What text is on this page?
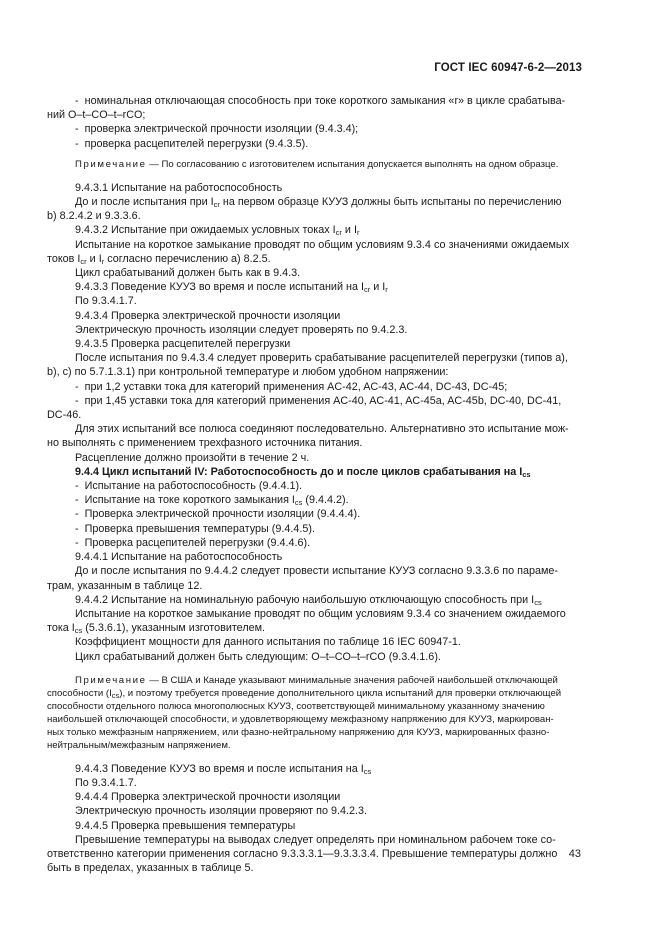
ГОСТ IEC 60947-6-2—2013

-  номинальная отключающая способность при токе короткого замыкания «r» в цикле срабатыва-

ний O–t–CO–t–rCO;

-  проверка электрической прочности изоляции (9.4.3.4);

-  проверка расцепителей перегрузки (9.4.3.5).

Примечание — По согласованию с изготовителем испытания допускается выполнять на одном образце.

9.4.3.1 Испытание на работоспособность

До и после испытания при $I_{cr}$ на первом образце КУУЗ должны быть испытаны по перечислению

b) 8.2.4.2 и 9.3.3.6.

9.4.3.2 Испытание при ожидаемых условных токах $I_{cr}$ и $I_r$

Испытание на короткое замыкание проводят по общим условиям 9.3.4 со значениями ожидаемых

токов $I_{cr}$ и $I_r$ согласно перечислению а) 8.2.5.

Цикл срабатываний должен быть как в 9.4.3.

9.4.3.3 Поведение КУУЗ во время и после испытаний на $I_{cr}$ и $I_r$

По 9.3.4.1.7.

9.4.3.4 Проверка электрической прочности изоляции

Электрическую прочность изоляции следует проверять по 9.4.2.3.

9.4.3.5 Проверка расцепителей перегрузки

После испытания по 9.4.3.4 следует проверить срабатывание расцепителей перегрузки (типов а),

b), с) по 5.7.1.3.1) при контрольной температуре и любом удобном напряжении:

-  при 1,2 уставки тока для категорий применения AC-42, AC-43, AC-44, DC-43, DC-45;

-  при 1,45 уставки тока для категорий применения AC-40, AC-41, AC-45a, AC-45b, DC-40, DC-41,

DC-46.

Для этих испытаний все полюса соединяют последовательно. Альтернативно это испытание мож-

но выполнять с применением трехфазного источника питания.

Расцепление должно произойти в течение 2 ч.

9.4.4 Цикл испытаний IV: Работоспособность до и после циклов срабатывания на $I_{cs}$

-  Испытание на работоспособность (9.4.4.1).

-  Испытание на токе короткого замыкания $I_{cs}$ (9.4.4.2).

-  Проверка электрической прочности изоляции (9.4.4.4).

-  Проверка превышения температуры (9.4.4.5).

-  Проверка расцепителей перегрузки (9.4.4.6).

9.4.4.1 Испытание на работоспособность

До и после испытания по 9.4.4.2 следует провести испытание КУУЗ согласно 9.3.3.6 по параме-

трам, указанным в таблице 12.

9.4.4.2 Испытание на номинальную рабочую наибольшую отключающую способность при $I_{cs}$

Испытание на короткое замыкание проводят по общим условиям 9.3.4 со значением ожидаемого

тока $I_{cs}$ (5.3.6.1), указанным изготовителем.

Коэффициент мощности для данного испытания по таблице 16 IEC 60947-1.

Цикл срабатываний должен быть следующим: O–t–CO–t–rCO (9.3.4.1.6).

Примечание — В США и Канаде указывают минимальные значения рабочей наибольшей отключающей

способности $(I_{cs})$, и поэтому требуется проведение дополнительного цикла испытаний для проверки отключающей

способности отдельного полюса многополюсных КУУЗ, соответствующей минимальному указанному значению

наибольшей отключающей способности, и удовлетворяющему межфазному напряжению для КУУЗ, маркирован-

ных только межфазным напряжением, или фазно-нейтральному напряжению для КУУЗ, маркированных фазно-

нейтральным/межфазным напряжением.

9.4.4.3 Поведение КУУЗ во время и после испытания на $I_{cs}$

По 9.3.4.1.7.

9.4.4.4 Проверка электрической прочности изоляции

Электрическую прочность изоляции проверяют по 9.4.2.3.

9.4.4.5 Проверка превышения температуры

Превышение температуры на выводах следует определять при номинальном рабочем токе со-

ответственно категории применения согласно 9.3.3.3.1—9.3.3.3.4. Превышение температуры должно

быть в пределах, указанных в таблице 5.

43
